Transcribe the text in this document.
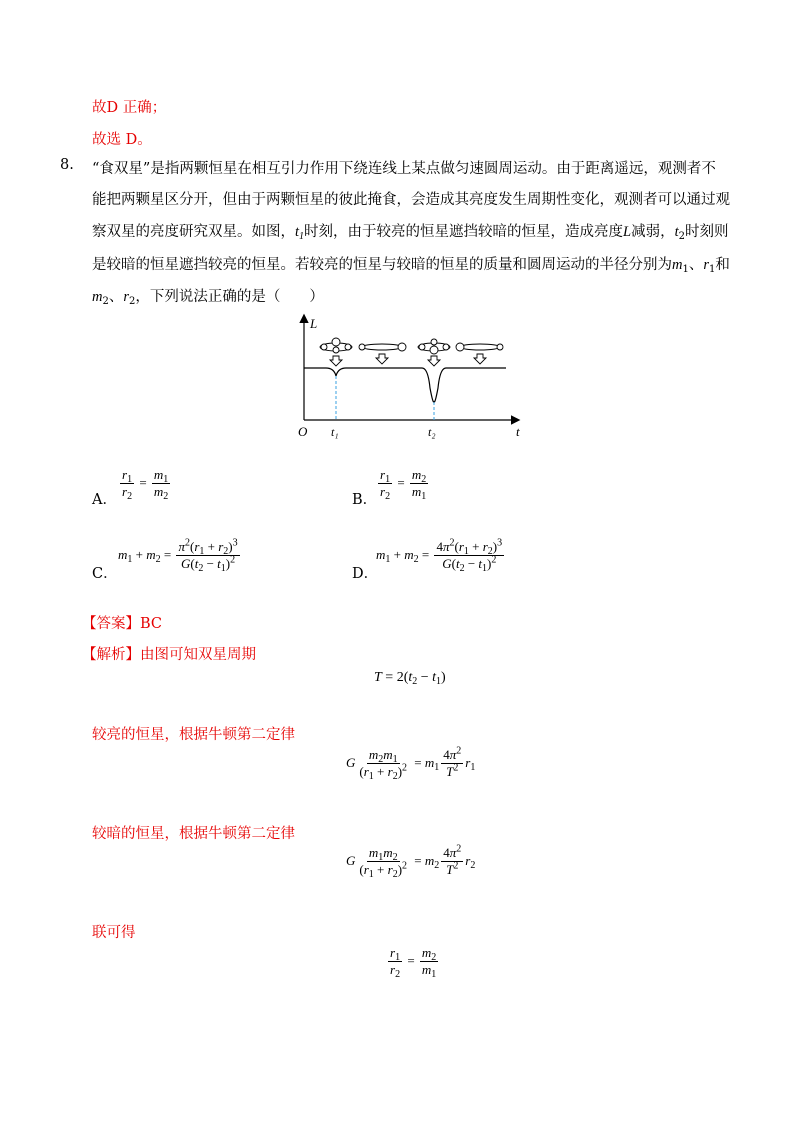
故D 正确；
故选 D。
8. “食双星”是指两颗恒星在相互引力作用下绕连线上某点做匀速圆周运动。由于距离遥远，观测者不
能把两颗星区分开，但由于两颗恒星的彼此掩食，会造成其亮度发生周期性变化，观测者可以通过观
察双星的亮度研究双星。如图，$t_1$时刻，由于较亮的恒星遮挡较暗的恒星，造成亮度L减弱，$t_2$时刻则
是较暗的恒星遮挡较亮的恒星。若较亮的恒星与较暗的恒星的质量和圆周运动的半径分别为$m_1$、$r_1$和
$m_2$、$r_2$，下列说法正确的是（　　）
L
t
O t₁	t₂
A．
$\frac{r_1}{r_2} = \frac{m_1}{m_2}$
B．
$\frac{r_1}{r_2} = \frac{m_2}{m_1}$
C．
$m_1 + m_2 = \frac{\pi^2(r_1 + r_2)^3}{G(t_2 - t_1)^2}$
D．
$m_1 + m_2 = \frac{4\pi^2(r_1 + r_2)^3}{G(t_2 - t_1)^2}$
【答案】BC
【解析】由图可知双星周期
$T = 2(t_2 - t_1)$
较亮的恒星，根据牛顿第二定律
G $\frac{m_2m_1}{(r_1 + r_2)^2} = m_1 \frac{4\pi^2}{T^2} r_1$
较暗的恒星，根据牛顿第二定律
G $\frac{m_1m_2}{(r_1 + r_2)^2} = m_2 \frac{4\pi^2}{T^2} r_2$
联可得
$\frac{r_1}{r_2} = \frac{m_2}{m_1}$
